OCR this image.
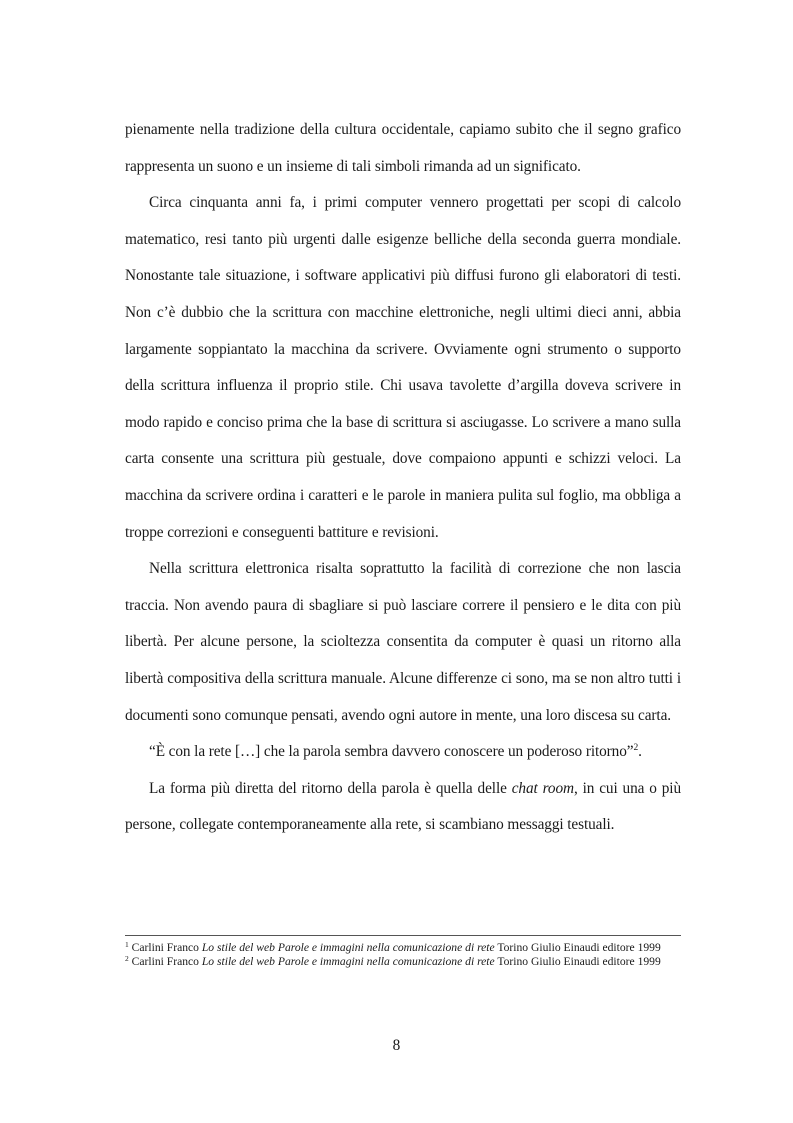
pienamente nella tradizione della cultura occidentale, capiamo subito che il segno grafico rappresenta un suono e un insieme di tali simboli rimanda ad un significato.

Circa cinquanta anni fa, i primi computer vennero progettati per scopi di calcolo matematico, resi tanto più urgenti dalle esigenze belliche della seconda guerra mondiale. Nonostante tale situazione, i software applicativi più diffusi furono gli elaboratori di testi. Non c’è dubbio che la scrittura con macchine elettroniche, negli ultimi dieci anni, abbia largamente soppiantato la macchina da scrivere. Ovviamente ogni strumento o supporto della scrittura influenza il proprio stile. Chi usava tavolette d’argilla doveva scrivere in modo rapido e conciso prima che la base di scrittura si asciugasse. Lo scrivere a mano sulla carta consente una scrittura più gestuale, dove compaiono appunti e schizzi veloci. La macchina da scrivere ordina i caratteri e le parole in maniera pulita sul foglio, ma obbliga a troppe correzioni e conseguenti battiture e revisioni.

Nella scrittura elettronica risalta soprattutto la facilità di correzione che non lascia traccia. Non avendo paura di sbagliare si può lasciare correre il pensiero e le dita con più libertà. Per alcune persone, la scioltezza consentita da computer è quasi un ritorno alla libertà compositiva della scrittura manuale. Alcune differenze ci sono, ma se non altro tutti i documenti sono comunque pensati, avendo ogni autore in mente, una loro discesa su carta.

“È con la rete […] che la parola sembra davvero conoscere un poderoso ritorno”$^2$.

La forma più diretta del ritorno della parola è quella delle chat room, in cui una o più persone, collegate contemporaneamente alla rete, si scambiano messaggi testuali.

$^1$ Carlini Franco Lo stile del web Parole e immagini nella comunicazione di rete Torino Giulio Einaudi editore 1999

$^2$ Carlini Franco Lo stile del web Parole e immagini nella comunicazione di rete Torino Giulio Einaudi editore 1999

8
